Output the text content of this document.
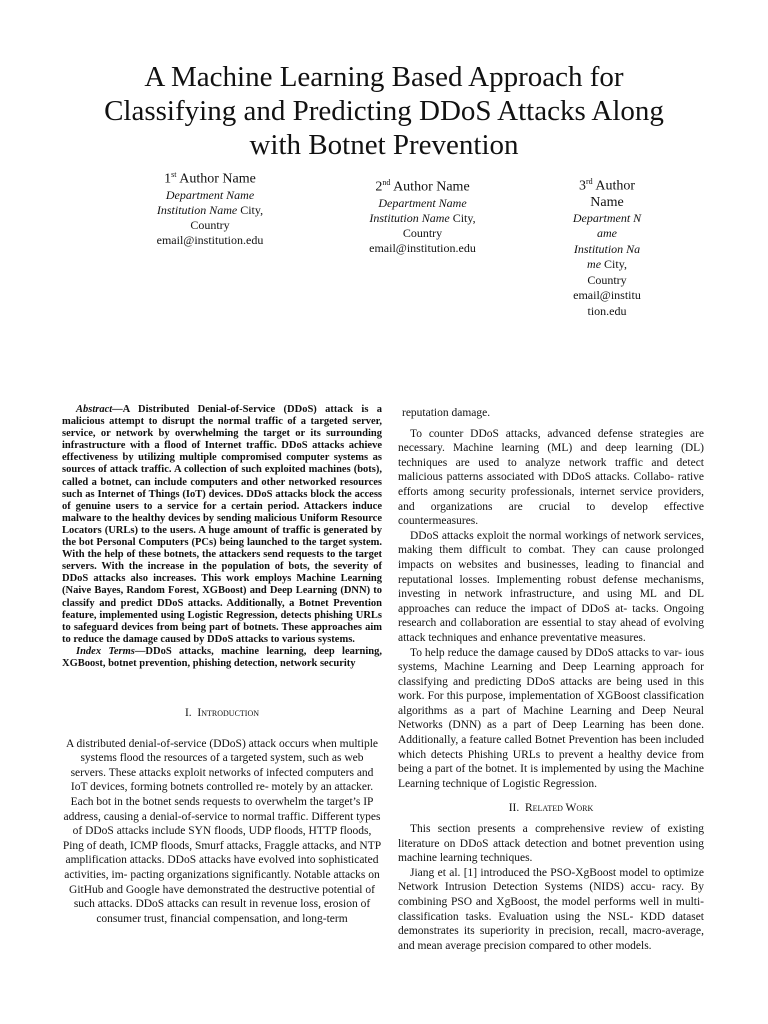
A Machine Learning Based Approach for Classifying and Predicting DDoS Attacks Along with Botnet Prevention
1st Author Name
Department Name
Institution Name City,
Country
email@institution.edu
2nd Author Name
Department Name
Institution Name City,
Country
email@institution.edu
3rd Author Name
Department Name
Institution Name City,
Country
email@institution.edu

Abstract—A Distributed Denial-of-Service (DDoS) attack is a malicious attempt to disrupt the normal traffic of a targeted server, service, or network by overwhelming the target or its surrounding infrastructure with a flood of Internet traffic. DDoS attacks achieve effectiveness by utilizing multiple compromised computer systems as sources of attack traffic. A collection of such exploited machines (bots), called a botnet, can include computers and other networked resources such as Internet of Things (IoT) devices. DDoS attacks block the access of genuine users to a service for a certain period. Attackers induce malware to the healthy devices by sending malicious Uniform Resource Locators (URLs) to the users. A huge amount of traffic is generated by the bot Personal Computers (PCs) being launched to the target system. With the help of these botnets, the attackers send requests to the target servers. With the increase in the population of bots, the severity of DDoS attacks also increases. This work employs Machine Learning (Naive Bayes, Random Forest, XGBoost) and Deep Learning (DNN) to classify and predict DDoS attacks. Additionally, a Botnet Prevention feature, implemented using Logistic Regression, detects phishing URLs to safeguard devices from being part of botnets. These approaches aim to reduce the damage caused by DDoS attacks to various systems.

Index Terms—DDoS attacks, machine learning, deep learning, XGBoost, botnet prevention, phishing detection, network security

I. Introduction

A distributed denial-of-service (DDoS) attack occurs when multiple systems flood the resources of a targeted system, such as web servers. These attacks exploit networks of infected computers and IoT devices, forming botnets controlled re- motely by an attacker. Each bot in the botnet sends requests to overwhelm the target’s IP address, causing a denial-of-service to normal traffic. Different types of DDoS attacks include SYN floods, UDP floods, HTTP floods, Ping of death, ICMP floods, Smurf attacks, Fraggle attacks, and NTP amplification attacks. DDoS attacks have evolved into sophisticated activities, im- pacting organizations significantly. Notable attacks on GitHub and Google have demonstrated the destructive potential of such attacks. DDoS attacks can result in revenue loss, erosion of consumer trust, financial compensation, and long-term

reputation damage.

To counter DDoS attacks, advanced defense strategies are necessary. Machine learning (ML) and deep learning (DL) techniques are used to analyze network traffic and detect malicious patterns associated with DDoS attacks. Collabo- rative efforts among security professionals, internet service providers, and organizations are crucial to develop effective countermeasures.

DDoS attacks exploit the normal workings of network services, making them difficult to combat. They can cause prolonged impacts on websites and businesses, leading to financial and reputational losses. Implementing robust defense mechanisms, investing in network infrastructure, and using ML and DL approaches can reduce the impact of DDoS at- tacks. Ongoing research and collaboration are essential to stay ahead of evolving attack techniques and enhance preventative measures.

To help reduce the damage caused by DDoS attacks to var- ious systems, Machine Learning and Deep Learning approach for classifying and predicting DDoS attacks are being used in this work. For this purpose, implementation of XGBoost classification algorithms as a part of Machine Learning and Deep Neural Networks (DNN) as a part of Deep Learning has been done. Additionally, a feature called Botnet Prevention has been included which detects Phishing URLs to prevent a healthy device from being a part of the botnet. It is implemented by using the Machine Learning technique of Logistic Regression.

II. Related Work

This section presents a comprehensive review of existing literature on DDoS attack detection and botnet prevention using machine learning techniques.

Jiang et al. [1] introduced the PSO-XgBoost model to optimize Network Intrusion Detection Systems (NIDS) accu- racy. By combining PSO and XgBoost, the model performs well in multi-classification tasks. Evaluation using the NSL- KDD dataset demonstrates its superiority in precision, recall, macro-average, and mean average precision compared to other models.
